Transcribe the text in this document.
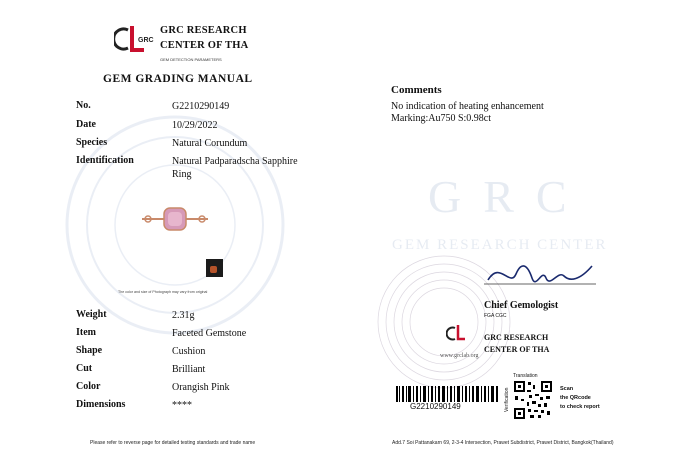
GRC
GEM RESEARCH CENTER
GRC
GRC RESEARCH
CENTER OF THA
GEM DETECTION PARAMETERS
GEM GRADING MANUAL
No.	G2210290149
Date	10/29/2022
Species	Natural Corundum
Identification	Natural Padparadscha Sapphire
Ring
The color and size of Photograph may vary from original
Weight	2.31g
Item	Faceted Gemstone
Shape	Cushion
Cut	Brilliant
Color	Orangish Pink
Dimensions	****
Comments
No indication of heating enhancement
Marking:Au750 S:0.98ct
Chief Gemologist
FGA CGC
GRC RESEARCH
CENTER OF THA
www.grclab.org
G2210290149
Translation
Verification	Scan
the QRcode
to check report
Please refer to reverse page for detailed testing standards and trade name	Add.7 Soi Pattanakarn 69, 2-3-4 Intersection, Prawet Subdistrict, Prawet District, Bangkok(Thailand)
